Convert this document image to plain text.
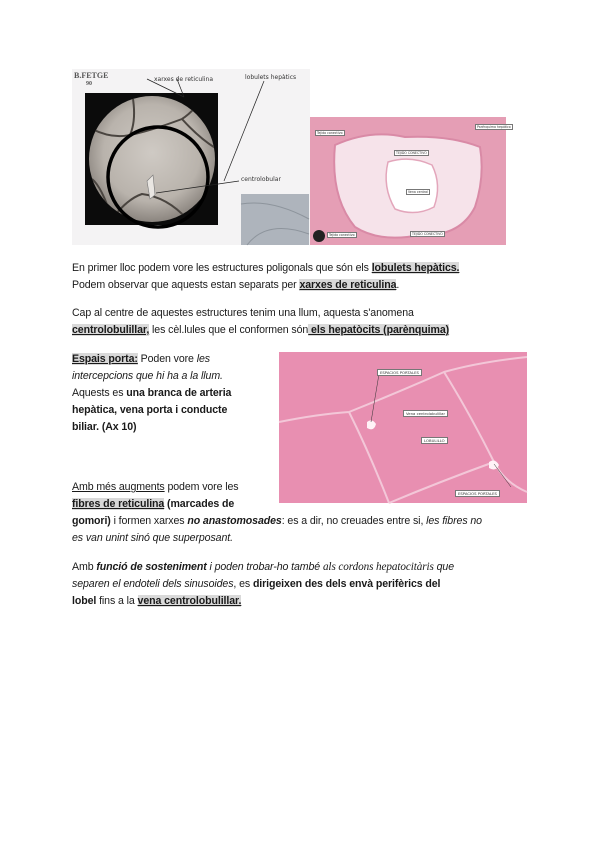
B.FETGE
90
xarxes de reticulina	lobulets hepàtics
centrolobular
Tejido conectivo
TEJIDO CONECTIVO
Parénquima hepático
Vena central
TEJIDO CONECTIVO
Tejido conectivo
En primer lloc podem vore les estructures poligonals que són els lobulets hepàtics.
Podem observar que aquests estan separats per xarxes de reticulina.
Cap al centre de aquestes estructures tenim una llum, aquesta s'anomena
centrolobulillar, les cèl.lules que el conformen són els hepatòcits (parènquima)
Espais porta: Poden vore les
intercepcions que hi ha a la llum.
Aquests es una branca de arteria
hepàtica, vena porta i conducte
biliar. (Ax 10)
ESPACIOS PORTALES
Vena centrolobulillar
LOBULILLO
ESPACIOS PORTALES
Amb més augments podem vore les
fibres de reticulina (marcades de
gomori) i formen xarxes no anastomosades: es a dir, no creuades entre si, les fibres no
es van unint sinó que superposant.
Amb funció de sosteniment i poden trobar-ho també als cordons hepatocitàris que
separen el endoteli dels sinusoides, es dirigeixen des dels envà perifèrics del
lobel fins a la vena centrolobulillar.
